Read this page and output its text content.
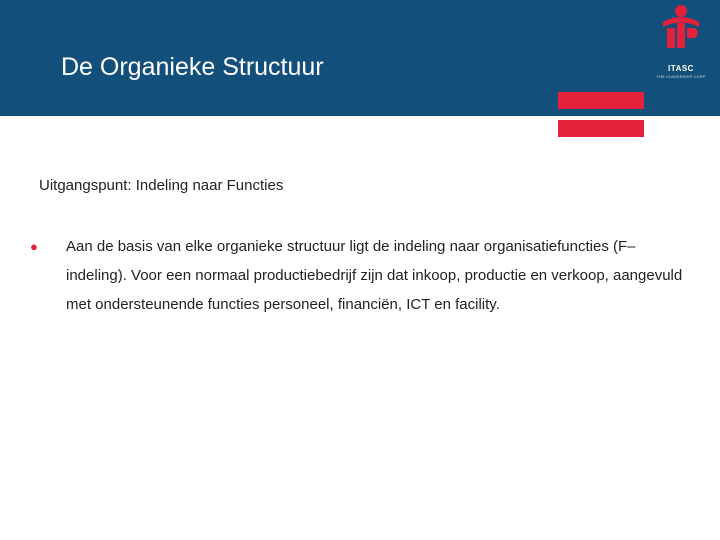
De Organieke Structuur	ITASC
THE LEADERSHIP CORP
Uitgangspunt: Indeling naar Functies
● Aan de basis van elke organieke structuur ligt de indeling naar organisatiefuncties (F–indeling). Voor een normaal productiebedrijf zijn dat inkoop, productie en verkoop, aangevuld met ondersteunende functies personeel, financiën, ICT en facility.
